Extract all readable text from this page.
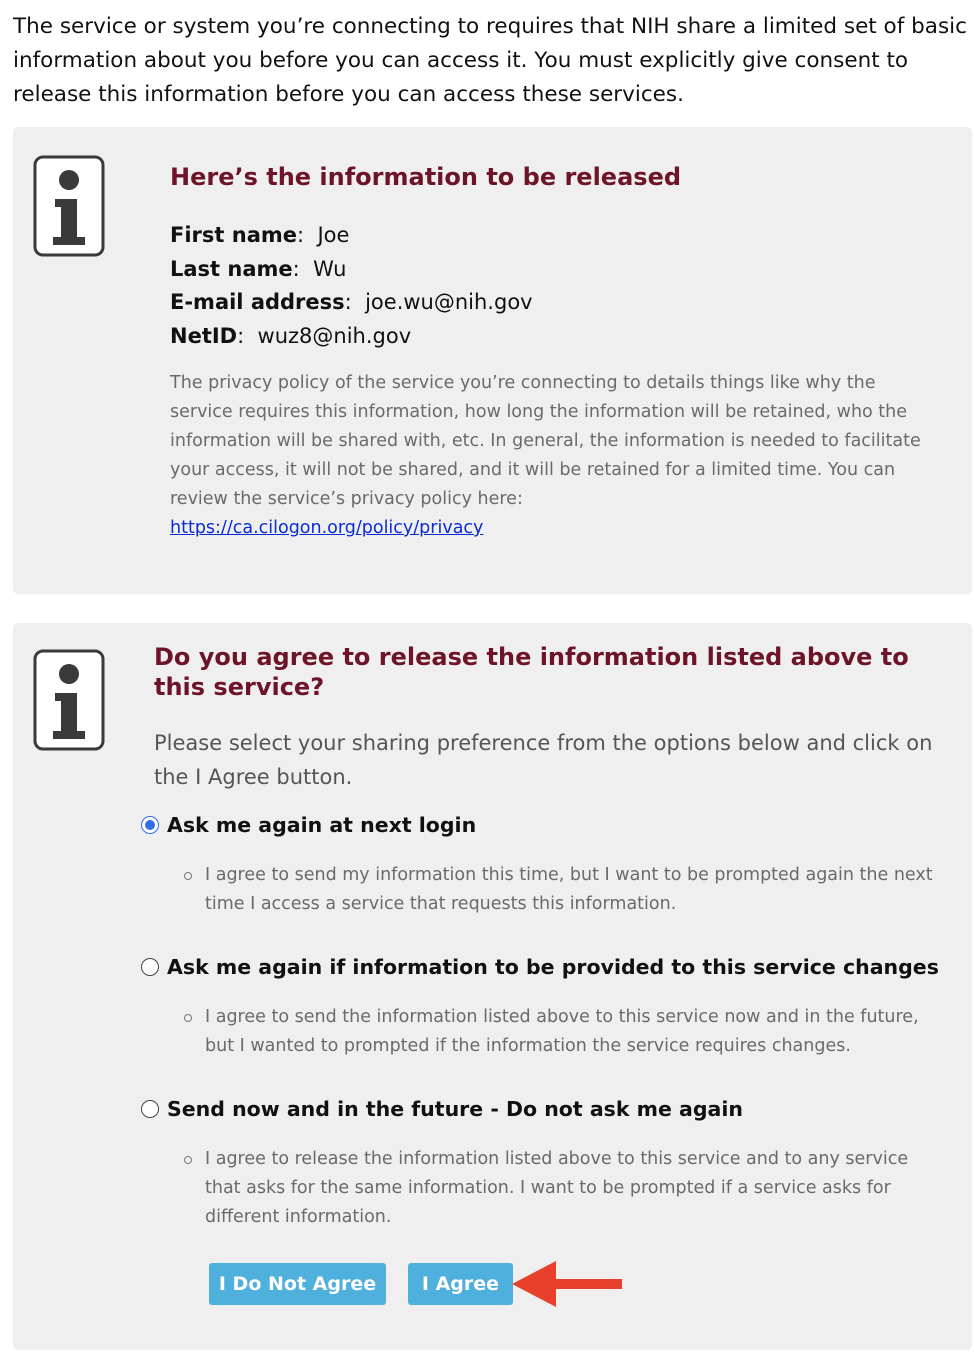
The service or system you’re connecting to requires that NIH share a limited set of basic information about you before you can access it. You must explicitly give consent to release this information before you can access these services.

Here’s the information to be released
First name:  Joe
Last name:  Wu
E-mail address:  joe.wu@nih.gov
NetID:  wuz8@nih.gov

The privacy policy of the service you’re connecting to details things like why the service requires this information, how long the information will be retained, who the information will be shared with, etc. In general, the information is needed to facilitate your access, it will not be shared, and it will be retained for a limited time. You can review the service’s privacy policy here:
https://ca.cilogon.org/policy/privacy

Do you agree to release the information listed above to this service?

Please select your sharing preference from the options below and click on the I Agree button.

Ask me again at next login

I agree to send my information this time, but I want to be prompted again the next time I access a service that requests this information.

Ask me again if information to be provided to this service changes

I agree to send the information listed above to this service now and in the future, but I wanted to prompted if the information the service requires changes.

Send now and in the future - Do not ask me again

I agree to release the information listed above to this service and to any service that asks for the same information. I want to be prompted if a service asks for different information.

I Do Not Agree	I Agree
